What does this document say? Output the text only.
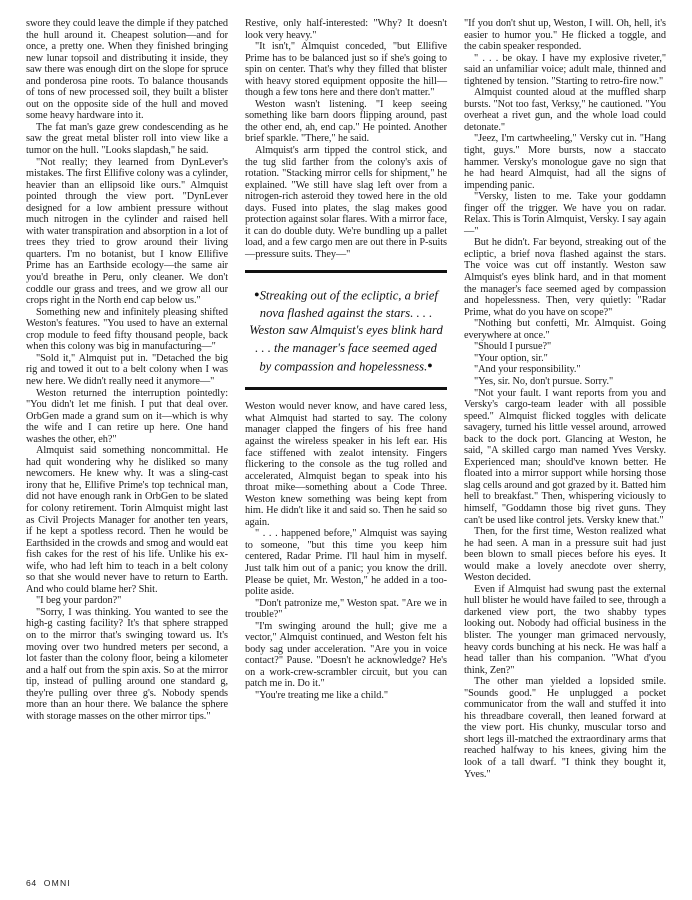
swore they could leave the dimple if they patched the hull around it. Cheapest solution—and for once, a pretty one. When they finished bringing new lunar topsoil and distributing it inside, they saw there was enough dirt on the slope for spruce and ponderosa pine roots. To balance thousands of tons of new processed soil, they built a blister out on the opposite side of the hull and moved some heavy hardware into it.

The fat man's gaze grew condescending as he saw the great metal blister roll into view like a tumor on the hull. "Looks slapdash," he said.

"Not really; they learned from DynLever's mistakes. The first Ellifive colony was a cylinder, heavier than an ellipsoid like ours." Almquist pointed through the view port. "DynLever designed for a low ambient pressure without much nitrogen in the cylinder and raised hell with water transpiration and absorption in a lot of trees they tried to grow around their living quarters. I'm no botanist, but I know Ellifive Prime has an Earthside ecology—the same air you'd breathe in Peru, only cleaner. We don't coddle our grass and trees, and we grow all our crops right in the North end cap below us."

Something new and infinitely pleasing shifted Weston's features. "You used to have an external crop module to feed fifty thousand people, back when this colony was big in manufacturing—"

"Sold it," Almquist put in. "Detached the big rig and towed it out to a belt colony when I was new here. We didn't really need it anymore—"

Weston returned the interruption pointedly: "You didn't let me finish. I put that deal over. OrbGen made a grand sum on it—which is why the wife and I can retire up here. One hand washes the other, eh?"

Almquist said something noncommittal. He had quit wondering why he disliked so many newcomers. He knew why. It was a sling-cast irony that he, Ellifive Prime's top technical man, did not have enough rank in OrbGen to be slated for colony retirement. Torin Almquist might last as Civil Projects Manager for another ten years, if he kept a spotless record. Then he would be Earthsided in the crowds and smog and would eat fish cakes for the rest of his life. Unlike his ex-wife, who had left him to teach in a belt colony so that she would never have to return to Earth. And who could blame her? Shit.

"I beg your pardon?"

"Sorry, I was thinking. You wanted to see the high-g casting facility? It's that sphere strapped on to the mirror that's swinging toward us. It's moving over two hundred meters per second, a lot faster than the colony floor, being a kilometer and a half out from the spin axis. So at the mirror tip, instead of pulling around one standard g, they're pulling over three g's. Nobody spends more than an hour there. We balance the sphere with storage masses on the other mirror tips."

Restive, only half-interested: "Why? It doesn't look very heavy."

"It isn't," Almquist conceded, "but Ellifive Prime has to be balanced just so if she's going to spin on center. That's why they filled that blister with heavy stored equipment opposite the hill—though a few tons here and there don't matter."

Weston wasn't listening. "I keep seeing something like barn doors flipping around, past the other end, ah, end cap." He pointed. Another brief sparkle. "There," he said.

Almquist's arm tipped the control stick, and the tug slid farther from the colony's axis of rotation. "Stacking mirror cells for shipment," he explained. "We still have slag left over from a nitrogen-rich asteroid they towed here in the old days. Fused into plates, the slag makes good protection against solar flares. With a mirror face, it can do double duty. We're bundling up a pallet load, and a few cargo men are out there in P-suits—pressure suits. They—"

●Streaking out of the ecliptic, a brief nova flashed against the stars. . . . Weston saw Almquist's eyes blink hard . . . the manager's face seemed aged by compassion and hopelessness.●

Weston would never know, and have cared less, what Almquist had started to say. The colony manager clapped the fingers of his free hand against the wireless speaker in his left ear. His face stiffened with zealot intensity. Fingers flickering to the console as the tug rolled and accelerated, Almquist began to speak into his throat mike—something about a Code Three. Weston knew something was being kept from him. He didn't like it and said so. Then he said so again.

" . . . happened before," Almquist was saying to someone, "but this time you keep him centered, Radar Prime. I'll haul him in myself. Just talk him out of a panic; you know the drill. Please be quiet, Mr. Weston," he added in a too-polite aside.

"Don't patronize me," Weston spat. "Are we in trouble?"

"I'm swinging around the hull; give me a vector," Almquist continued, and Weston felt his body sag under acceleration. "Are you in voice contact?" Pause. "Doesn't he acknowledge? He's on a work-crew-scrambler circuit, but you can patch me in. Do it."

"You're treating me like a child."

"If you don't shut up, Weston, I will. Oh, hell, it's easier to humor you." He flicked a toggle, and the cabin speaker responded.

" . . . be okay. I have my explosive riveter," said an unfamiliar voice; adult male, thinned and tightened by tension. "Starting to retro-fire now."

Almquist counted aloud at the muffled sharp bursts. "Not too fast, Verksy," he cautioned. "You overheat a rivet gun, and the whole load could detonate."

"Jeez, I'm cartwheeling," Versky cut in. "Hang tight, guys." More bursts, now a staccato hammer. Versky's monologue gave no sign that he had heard Almquist, had all the signs of impending panic.

"Versky, listen to me. Take your goddamn finger off the trigger. We have you on radar. Relax. This is Torin Almquist, Versky. I say again—"

But he didn't. Far beyond, streaking out of the ecliptic, a brief nova flashed against the stars. The voice was cut off instantly. Weston saw Almquist's eyes blink hard, and in that moment the manager's face seemed aged by compassion and hopelessness. Then, very quietly: "Radar Prime, what do you have on scope?"

"Nothing but confetti, Mr. Almquist. Going everywhere at once."

"Should I pursue?"

"Your option, sir."

"And your responsibility."

"Yes, sir. No, don't pursue. Sorry."

"Not your fault. I want reports from you and Versky's cargo-team leader with all possible speed." Almquist flicked toggles with delicate savagery, turned his little vessel around, arrowed back to the dock port. Glancing at Weston, he said, "A skilled cargo man named Yves Versky. Experienced man; should've known better. He floated into a mirror support while horsing those slag cells around and got grazed by it. Batted him hell to breakfast." Then, whispering viciously to himself, "Goddamn those big rivet guns. They can't be used like control jets. Versky knew that."

Then, for the first time, Weston realized what he had seen. A man in a pressure suit had just been blown to small pieces before his eyes. It would make a lovely anecdote over sherry, Weston decided.

Even if Almquist had swung past the external hull blister he would have failed to see, through a darkened view port, the two shabby types looking out. Nobody had official business in the blister. The younger man grimaced nervously, heavy cords bunching at his neck. He was half a head taller than his companion. "What d'you think, Zen?"

The other man yielded a lopsided smile. "Sounds good." He unplugged a pocket communicator from the wall and stuffed it into his threadbare coverall, then leaned forward at the view port. His chunky, muscular torso and short legs ill-matched the extraordinary arms that reached halfway to his knees, giving him the look of a tall dwarf. "I think they bought it, Yves."

64 OMNI
